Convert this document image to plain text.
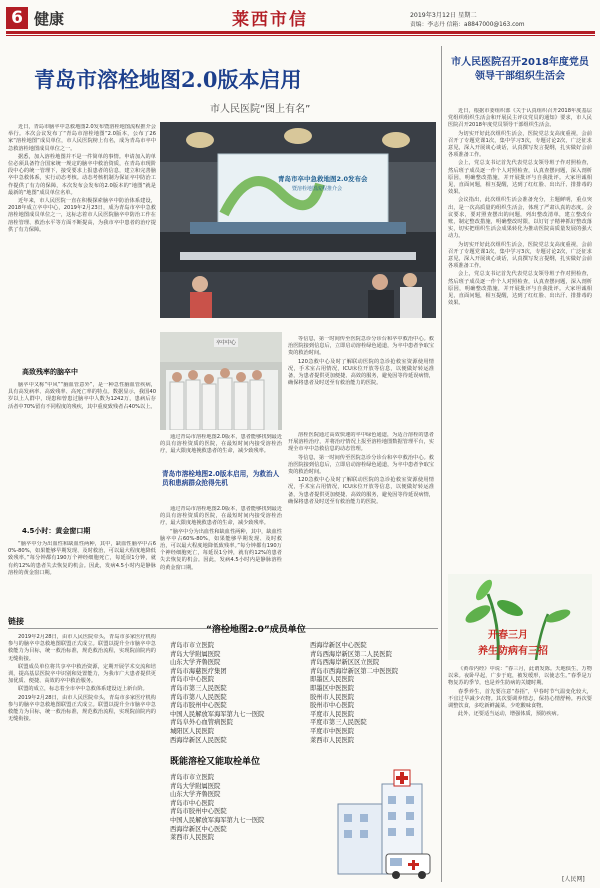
6 健康	莱西市信	2019年3月12日 星期二
责编：李志丹 信箱：a8847000@163.com
青岛市溶栓地图2.0版本启用
市人民医院“图上有名”

近日，青岛市脑卒中急救地图2.0发布暨溶栓地图流程推介会举行。本次会议发布了“青岛市溶栓地图”2.0版本，公布了26家“溶栓地图”成员单位，市人民医院榜上有名，成为青岛市卒中急救溶栓地图成员单位之一。

据悉，加入溶栓地图并不是一件简单的事情。申请加入的单位必须具备符合国家统一规定的脑卒中救治资质，在青岛市现阶段中心的统一管理下，接受要求上报患者的信息，建立和完善脑卒中急救体系，实行动态考核。动态考核机制为保证卒中防治工作提供了有力的保障，本次发布会发布的2.0版本的“地图”就是最新的“地图”成员单位名单。

近年来，市人民医院一直在积极探索脑卒中防治体系建设，2018年成立卒中中心，2019年2月23日，成为青岛市卒中急救溶栓地图成员单位之一，这标志着市人民医院脑卒中防治工作在溶栓管理、救治水平等方面不断提高，为我市卒中患者的治疗提供了有力保障。

高致残率的脑卒中

脑卒中又称“中风”“脑血管意外”，是一种急性脑血管疾病，具有高发病率、高致残率、高死亡率的特点。数据显示，我国40岁以上人群中，现患和曾患过脑卒中人数为1242万，患病后存活者中70%留有不同程度的残疾，其中重度致残者占40%以上。

4.5小时：黄金窗口期

“脑卒中分为出血性和缺血性两种，其中，缺血性脑卒中占60%-80%，如果能够早期发现、及时救治，可以最大程度地降低致残率。”每分钟都有190万个神经细胞死亡，每延误1分钟，就有约12%的患者失去恢复的机会。因此，发病4.5小时内是静脉溶栓的黄金窗口期。

青岛市卒中急救地图2.0发布会
暨溶栓地图流程推介会
卒中中心

等信息，第一时间传至医院急诊分诊台和卒中救治中心。救治医院接到信息后，立即启动溶栓绿色通道，为卒中患者争取宝贵的救治时间。

120急救中心及时了解联动医院的急诊抢救室资源使用情况，手术室占用情况，ICU床位开放等信息，以便做好转运准备，为患者提供更加便捷、高效的服务，避免因等待延误病情，确保将患者及时送至有救治能力的医院。

通过青岛市溶栓地图2.0版本，患者能够找到最近的具有溶栓资质的医院，在最短时间内接受溶栓治疗，最大限度地挽救患者的生命，减少致残率。

青岛市溶栓地图2.0版本启用，为救治人员和患病群众抢得先机

通过青岛市溶栓地图2.0版本，患者能够找到最近的具有溶栓资质的医院，在最短时间内接受溶栓治疗，最大限度地挽救患者的生命，减少致残率。

“脑卒中分为出血性和缺血性两种，其中，缺血性脑卒中占60%-80%，如果能够早期发现、及时救治，可以最大程度地降低致残率。”每分钟都有190万个神经细胞死亡，每延误1分钟，就有约12%的患者失去恢复的机会。因此，发病4.5小时内是静脉溶栓的黄金窗口期。

溶栓医院通过高效快速的卒中绿色通道，为适合溶栓的患者开展溶栓治疗，并将治疗情况上报至溶栓地图数据管理平台，实现全市卒中急救信息的动态管理。

等信息，第一时间传至医院急诊分诊台和卒中救治中心。救治医院接到信息后，立即启动溶栓绿色通道，为卒中患者争取宝贵的救治时间。

120急救中心及时了解联动医院的急诊抢救室资源使用情况，手术室占用情况，ICU床位开放等信息，以便做好转运准备，为患者提供更加便捷、高效的服务，避免因等待延误病情，确保将患者及时送至有救治能力的医院。

市人民医院召开2018年度党员领导干部组织生活会

近日，根据市委组织部《关于认真组织召开2018年度基层党组织组织生活会和开展民主评议党员的通知》要求，市人民医院召开2018年度党员领导干部组织生活会。

为切实开好此次组织生活会，医院党总支高度重视，会前召开了专题党课1次，集中学习3次，专题讨论2次，广泛征求意见，深入开展谈心谈话，认真撰写发言提纲，扎实做好会前各项准备工作。

会上，党总支书记首先代表党总支领导班子作对照检查，然后班子成员逐一作个人对照检查，认真查摆问题，深入剖析原因，明确整改措施，并开展批评与自我批评。大家坦诚相见，直面问题，相互提醒，达到了红红脸、出出汗、排排毒的效果。

会议指出，此次组织生活会准备充分，主题鲜明，重点突出，是一次高质量的组织生活会，体现了严肃认真的态度。会议要求，要对照查摆出的问题，列出整改清单，建立整改台账，制定整改措施，明确整改时限，以钉钉子精神抓好整改落实，切实把组织生活会成果转化为推动医院高质量发展的强大动力。

为切实开好此次组织生活会，医院党总支高度重视，会前召开了专题党课1次，集中学习3次，专题讨论2次，广泛征求意见，深入开展谈心谈话，认真撰写发言提纲，扎实做好会前各项准备工作。

会上，党总支书记首先代表党总支领导班子作对照检查，然后班子成员逐一作个人对照检查，认真查摆问题，深入剖析原因，明确整改措施，并开展批评与自我批评。大家坦诚相见，直面问题，相互提醒，达到了红红脸、出出汗、排排毒的效果。

开春三月
养生防病有三招

《黄帝内经》中说：“春三月，此谓发陈。天地俱生，万物以荣。夜卧早起，广步于庭，被发缓形，以使志生。”春季是万物复苏的季节，也是养生防病的关键时期。

春季养生，首先要注意“春捂”，早春时节气温变化较大，不宜过早减少衣物。其次要调养情志，保持心情舒畅。再次要调整饮食，多吃新鲜蔬菜，少吃酸味食物。

此外，还要适当运动，增强体质，预防疾病。

[人民网]
链接

2019年2月28日，由市人民医院牵头，青岛市多家医疗机构参与的脑卒中急救地图联盟正式成立。联盟以提升全市脑卒中急救能力为目标，统一救治标准，规范救治流程，实现院前院内的无缝衔接。

联盟成员单位将共享卒中救治资源，定期开展学术交流和培训，提高基层医院卒中识别和处置能力，为我市广大患者提供更加优质、便捷、高效的卒中救治服务。

联盟的成立，标志着全市卒中急救体系建设迈上新台阶。

2019年2月28日，由市人民医院牵头，青岛市多家医疗机构参与的脑卒中急救地图联盟正式成立。联盟以提升全市脑卒中急救能力为目标，统一救治标准，规范救治流程，实现院前院内的无缝衔接。

“溶栓地图2.0”成员单位
青岛市市立医院
青岛大学附属医院
山东大学齐鲁医院
青岛市海慈医疗集团
青岛市中心医院
青岛市第三人民医院
青岛市第八人民医院
青岛市胶州中心医院
中国人民解放军海军第九七一医院
青岛阜外心血管病医院
城阳区人民医院
西海岸新区人民医院
西海岸新区中心医院
青岛西海岸新区第二人民医院
青岛西海岸新区区立医院
青岛市西海岸新区第二中医医院
即墨区人民医院
即墨区中医医院
胶州市人民医院
胶州市中心医院
平度市人民医院
平度市第三人民医院
平度市中医医院
莱西市人民医院
既能溶栓又能取栓单位
青岛市市立医院
青岛大学附属医院
山东大学齐鲁医院
青岛市中心医院
青岛市胶州中心医院
中国人民解放军海军第九七一医院
西海岸新区中心医院
莱西市人民医院
